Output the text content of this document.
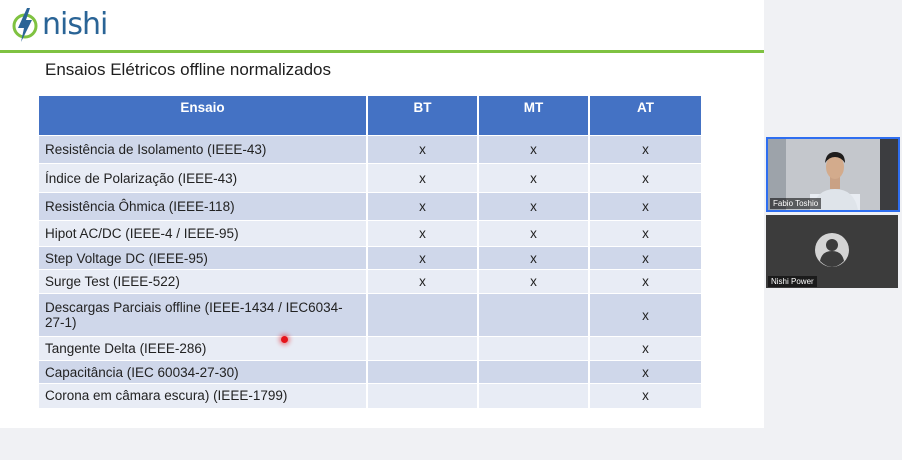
nishi
Ensaios Elétricos offline normalizados
Ensaio	BT	MT	AT
Resistência de Isolamento (IEEE-43)	x	x	x
Índice de Polarização (IEEE-43)	x	x	x
Resistência Ôhmica (IEEE-118)	x	x	x
Hipot AC/DC (IEEE-4 / IEEE-95)	x	x	x
Step Voltage DC (IEEE-95)	x	x	x
Surge Test (IEEE-522)	x	x	x
Descargas Parciais offline (IEEE-1434 / IEC6034-27-1)			x
Tangente Delta (IEEE-286)			x
Capacitância (IEC 60034-27-30)			x
Corona em câmara escura) (IEEE-1799)			x
Fabio Toshio
Nishi Power
